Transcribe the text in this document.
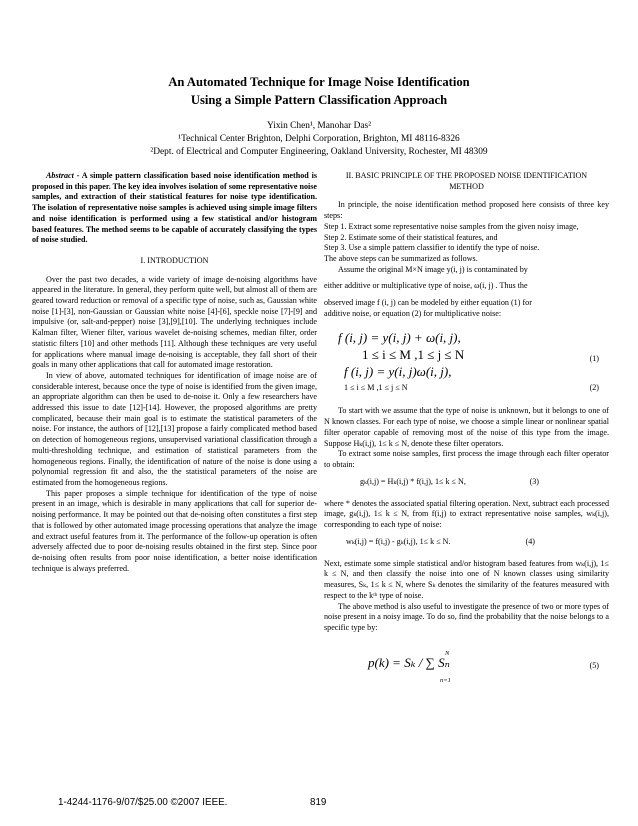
An Automated Technique for Image Noise Identification
Using a Simple Pattern Classification Approach
Yixin Chen¹, Manohar Das²
¹Technical Center Brighton, Delphi Corporation, Brighton, MI 48116-8326
²Dept. of Electrical and Computer Engineering, Oakland University, Rochester, MI 48309

Abstract - A simple pattern classification based noise identification method is proposed in this paper. The key idea involves isolation of some representative noise samples, and extraction of their statistical features for noise type identification. The isolation of representative noise samples is achieved using simple image filters and noise identification is performed using a few statistical and/or histogram based features. The method seems to be capable of accurately classifying the types of noise studied.

I. INTRODUCTION

Over the past two decades, a wide variety of image de-noising algorithms have appeared in the literature. In general, they perform quite well, but almost all of them are geared toward reduction or removal of a specific type of noise, such as, Gaussian white noise [1]-[3], non-Gaussian or Gaussian white noise [4]-[6], speckle noise [7]-[9] and impulsive (or, salt-and-pepper) noise [3],[9],[10]. The underlying techniques include Kalman filter, Wiener filter, various wavelet de-noising schemes, median filter, order statistic filters [10] and other methods [11]. Although these techniques are very useful for applications where manual image de-noising is acceptable, they fall short of their goals in many other applications that call for automated image restoration.

In view of above, automated techniques for identification of image noise are of considerable interest, because once the type of noise is identified from the given image, an appropriate algorithm can then be used to de-noise it. Only a few researchers have addressed this issue to date [12]-[14]. However, the proposed algorithms are pretty complicated, because their main goal is to estimate the statistical parameters of the noise. For instance, the authors of [12],[13] propose a fairly complicated method based on detection of homogeneous regions, unsupervised variational classification through a multi-thresholding technique, and estimation of statistical parameters from the homogeneous regions. Finally, the identification of nature of the noise is done using a polynomial regression fit and also, the the statistical parameters of the noise are estimated from the homogeneous regions.

This paper proposes a simple technique for identification of the type of noise present in an image, which is desirable in many applications that call for superior de-noising performance. It may be pointed out that de-noising often constitutes a first step that is followed by other automated image processing operations that analyze the image and extract useful features from it. The performance of the follow-up operation is often adversely affected due to poor de-noising results obtained in the first step. Since poor de-noising often results from poor noise identification, a better noise identification technique is always preferred.

II. BASIC PRINCIPLE OF THE PROPOSED NOISE IDENTIFICATION METHOD

In principle, the noise identification method proposed here consists of three key steps:

Step 1. Extract some representative noise samples from the given noisy image,

Step 2. Estimate some of their statistical features, and

Step 3. Use a simple pattern classifier to identify the type of noise.

The above steps can be summarized as follows.

Assume the original M×N image y(i, j) is contaminated by

either additive or multiplicative type of noise, ω(i, j) . Thus the

observed image f (i, j) can be modeled by either equation (1) for

additive noise, or equation (2) for multiplicative noise:

f (i, j) = y(i, j) + ω(i, j),
1 ≤ i ≤ M ,1 ≤ j ≤ N	(1)
f (i, j) = y(i, j)ω(i, j),
1 ≤ i ≤ M ,1 ≤ j ≤ N	(2)

To start with we assume that the type of noise is unknown, but it belongs to one of N known classes. For each type of noise, we choose a simple linear or nonlinear spatial filter operator capable of removing most of the noise of this type from the image. Suppose Hₖ(i,j), 1≤ k ≤ N, denote these filter operators.

To extract some noise samples, first process the image through each filter operator to obtain:

gₖ(i,j) = Hₖ(i,j) * f(i,j), 1≤ k ≤ N,	(3)

where * denotes the associated spatial filtering operation. Next, subtract each processed image, gₖ(i,j), 1≤ k ≤ N, from f(i,j) to extract representative noise samples, wₖ(i,j), corresponding to each type of noise:

wₖ(i,j) = f(i,j) - gₖ(i,j), 1≤ k ≤ N.	(4)

Next, estimate some simple statistical and/or histogram based features from wₖ(i,j), 1≤ k ≤ N, and then classify the noise into one of N known classes using similarity measures, Sₖ, 1≤ k ≤ N, where Sₖ denotes the similarity of the features measured with respect to the kᵗʰ type of noise.

The above method is also useful to investigate the presence of two or more types of noise present in a noisy image. To do so, find the probability that the noise belongs to a specific type by:

p(k) = Sₖ / ∑ Sₙ
N
n=1
(5)
1-4244-1176-9/07/$25.00 ©2007 IEEE.	819
